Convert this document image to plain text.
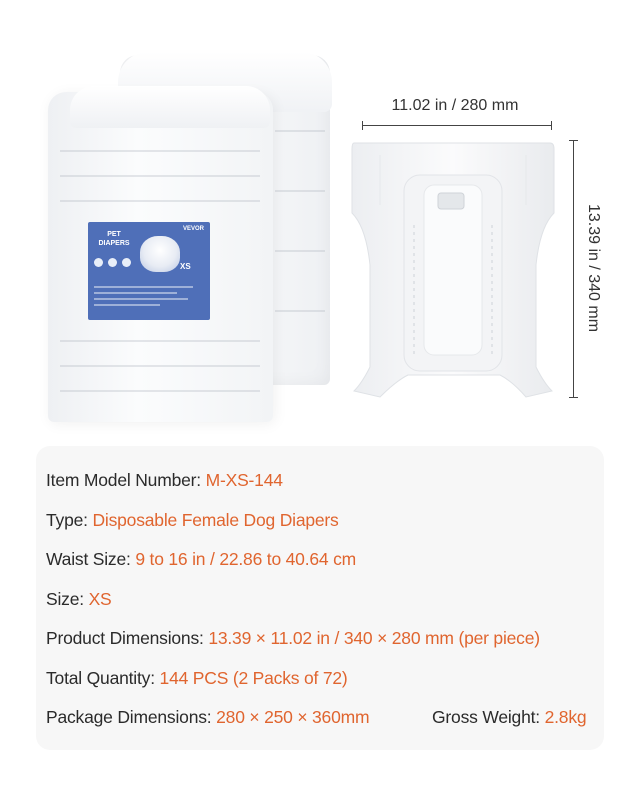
PET DIAPERS
VEVOR
XS
11.02 in / 280 mm
13.39 in / 340 mm
Item Model Number: M-XS-144
Type: Disposable Female Dog Diapers
Waist Size: 9 to 16 in / 22.86 to 40.64 cm
Size: XS
Product Dimensions: 13.39 × 11.02 in / 340 × 280 mm (per piece)
Total Quantity: 144 PCS (2 Packs of 72)
Package Dimensions: 280 × 250 × 360mm	Gross Weight: 2.8kg
